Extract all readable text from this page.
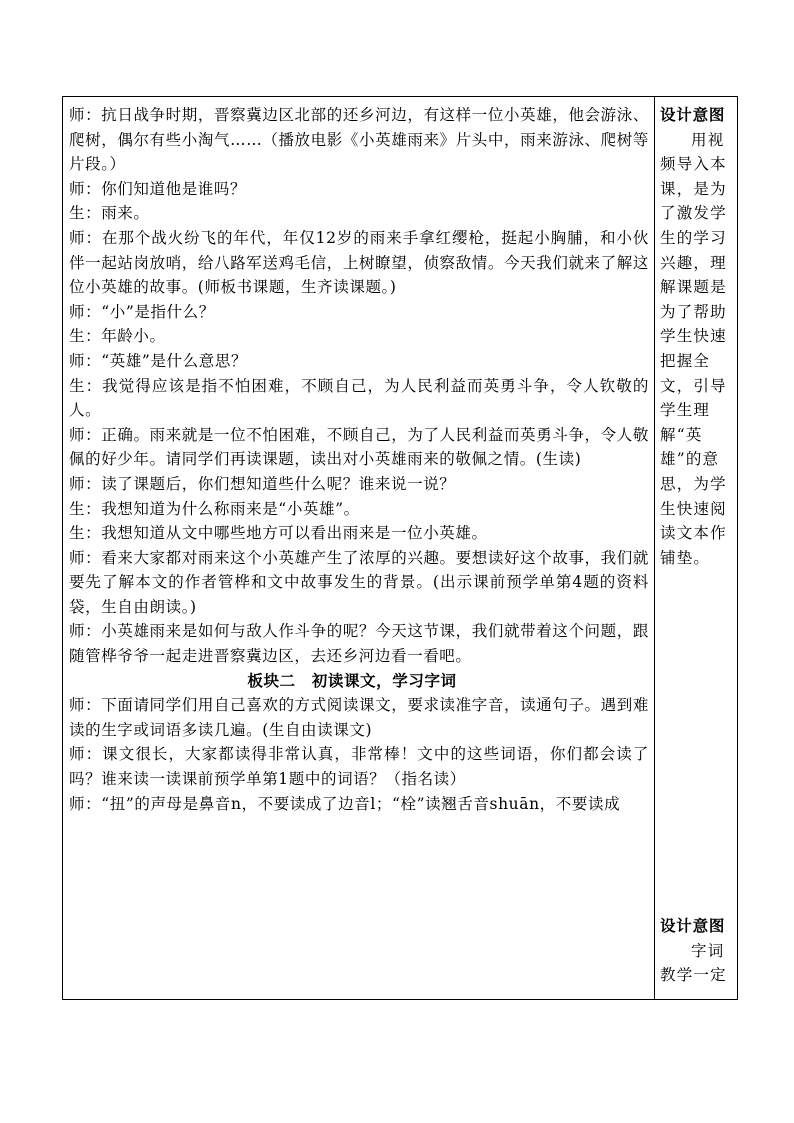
师：抗日战争时期，晋察冀边区北部的还乡河边，有这样一位小英雄，他会游泳、爬树，偶尔有些小淘气……（播放电影《小英雄雨来》片头中，雨来游泳、爬树等片段。）

师：你们知道他是谁吗？

生：雨来。

师：在那个战火纷飞的年代，年仅12岁的雨来手拿红缨枪，挺起小胸脯，和小伙伴一起站岗放哨，给八路军送鸡毛信，上树瞭望，侦察敌情。今天我们就来了解这位小英雄的故事。(师板书课题，生齐读课题。)

师：“小”是指什么？

生：年龄小。

师：“英雄”是什么意思？

生：我觉得应该是指不怕困难，不顾自己，为人民利益而英勇斗争，令人钦敬的人。

师：正确。雨来就是一位不怕困难，不顾自己，为了人民利益而英勇斗争，令人敬佩的好少年。请同学们再读课题，读出对小英雄雨来的敬佩之情。(生读)

师：读了课题后，你们想知道些什么呢？谁来说一说？

生：我想知道为什么称雨来是“小英雄”。

生：我想知道从文中哪些地方可以看出雨来是一位小英雄。

师：看来大家都对雨来这个小英雄产生了浓厚的兴趣。要想读好这个故事，我们就要先了解本文的作者管桦和文中故事发生的背景。(出示课前预学单第4题的资料袋，生自由朗读。)

师：小英雄雨来是如何与敌人作斗争的呢？今天这节课，我们就带着这个问题，跟随管桦爷爷一起走进晋察冀边区，去还乡河边看一看吧。

板块二　初读课文，学习字词

师：下面请同学们用自己喜欢的方式阅读课文，要求读准字音，读通句子。遇到难读的生字或词语多读几遍。(生自由读课文)

师：课文很长，大家都读得非常认真，非常棒！文中的这些词语，你们都会读了吗？谁来读一读课前预学单第1题中的词语？（指名读）

师：“扭”的声母是鼻音n，不要读成了边音l；“栓”读翘舌音shuān，不要读成

设计意图
用视频导入本课，是为了激发学生的学习兴趣，理解课题是为了帮助学生快速把握全文，引导学生理解“英雄”的意思，为学生快速阅读文本作铺垫。
设计意图
字词教学一定
